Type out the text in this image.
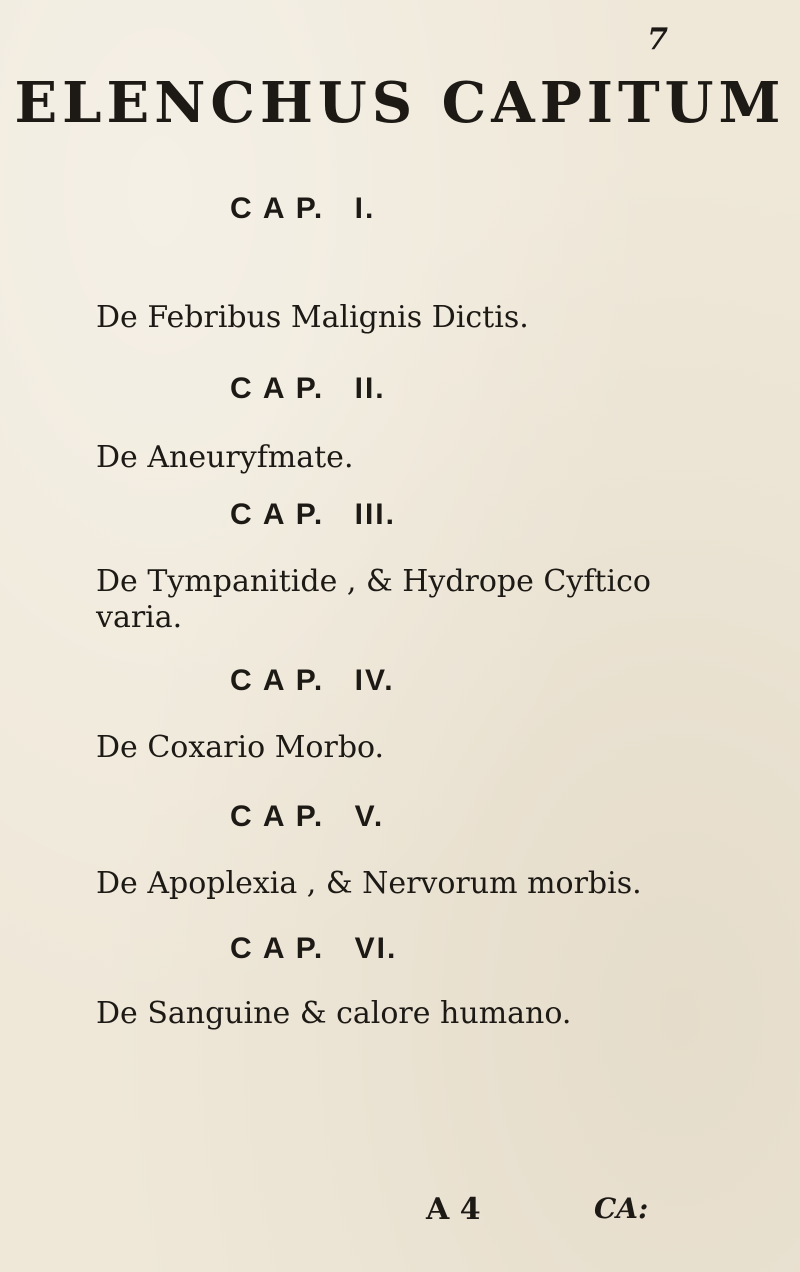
7
ELENCHUS CAPITUM
C A P. I.
De Febribus Malignis Dictis.
C A P. II.
De Aneuryfmate.
C A P. III.
De Tympanitide , & Hydrope Cyftico varia.
C A P. IV.
De Coxario Morbo.
C A P. V.
De Apoplexia , & Nervorum morbis.
C A P. VI.
De Sanguine & calore humano.
A 4	CA:
